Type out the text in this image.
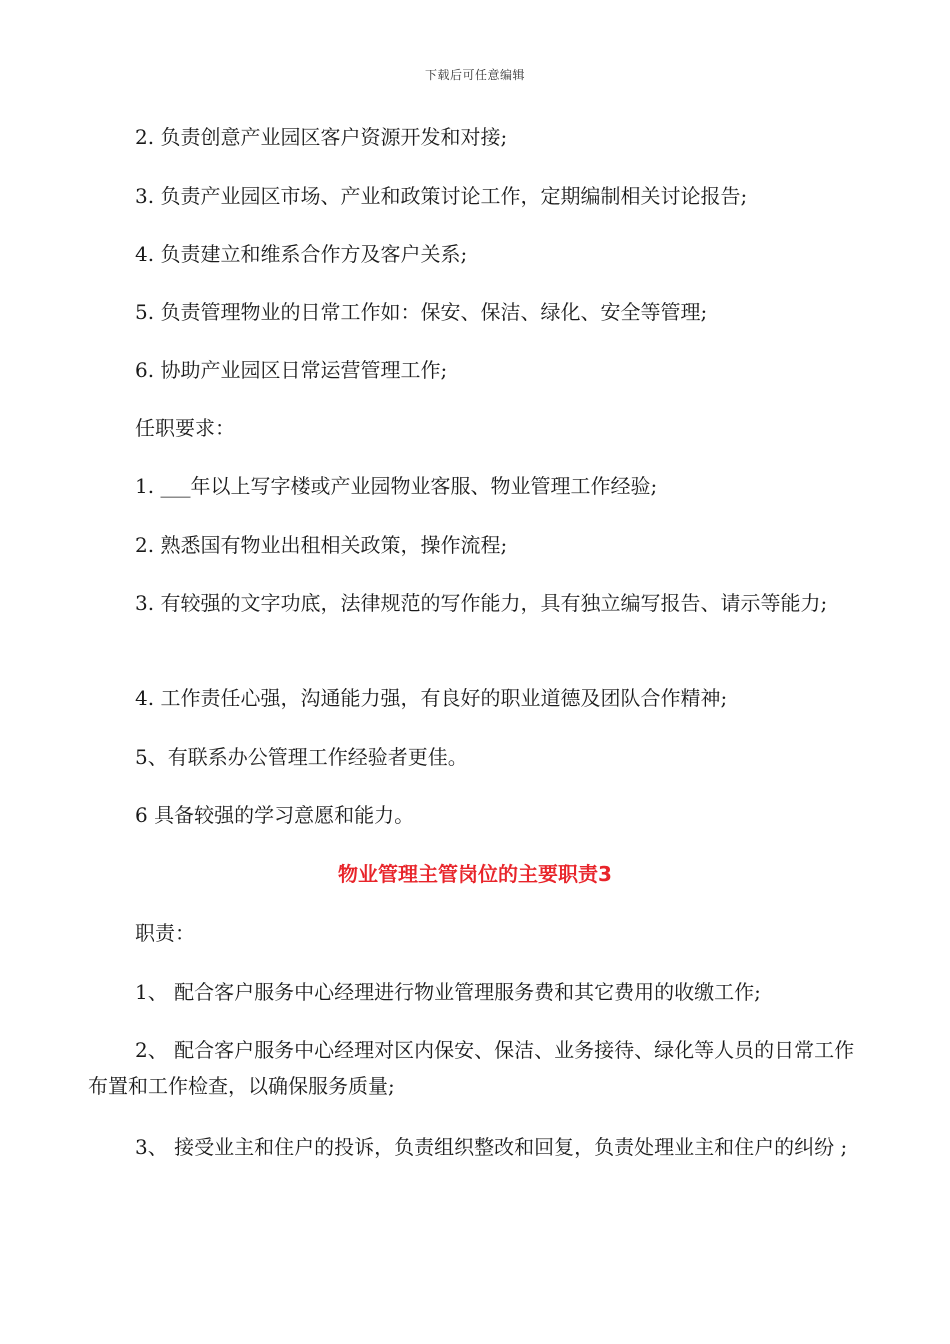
下载后可任意编辑
2. 负责创意产业园区客户资源开发和对接;
3. 负责产业园区市场、产业和政策讨论工作，定期编制相关讨论报告;
4. 负责建立和维系合作方及客户关系;
5. 负责管理物业的日常工作如：保安、保洁、绿化、安全等管理;
6. 协助产业园区日常运营管理工作;
任职要求：
1. ___年以上写字楼或产业园物业客服、物业管理工作经验;
2. 熟悉国有物业出租相关政策，操作流程;
3. 有较强的文字功底，法律规范的写作能力，具有独立编写报告、请示等能力;
4. 工作责任心强，沟通能力强，有良好的职业道德及团队合作精神;
5、有联系办公管理工作经验者更佳。
6 具备较强的学习意愿和能力。
物业管理主管岗位的主要职责3
职责：
1、 配合客户服务中心经理进行物业管理服务费和其它费用的收缴工作;
2、 配合客户服务中心经理对区内保安、保洁、业务接待、绿化等人员的日常工作布置和工作检查，以确保服务质量;
3、 接受业主和住户的投诉，负责组织整改和回复，负责处理业主和住户的纠纷 ;
